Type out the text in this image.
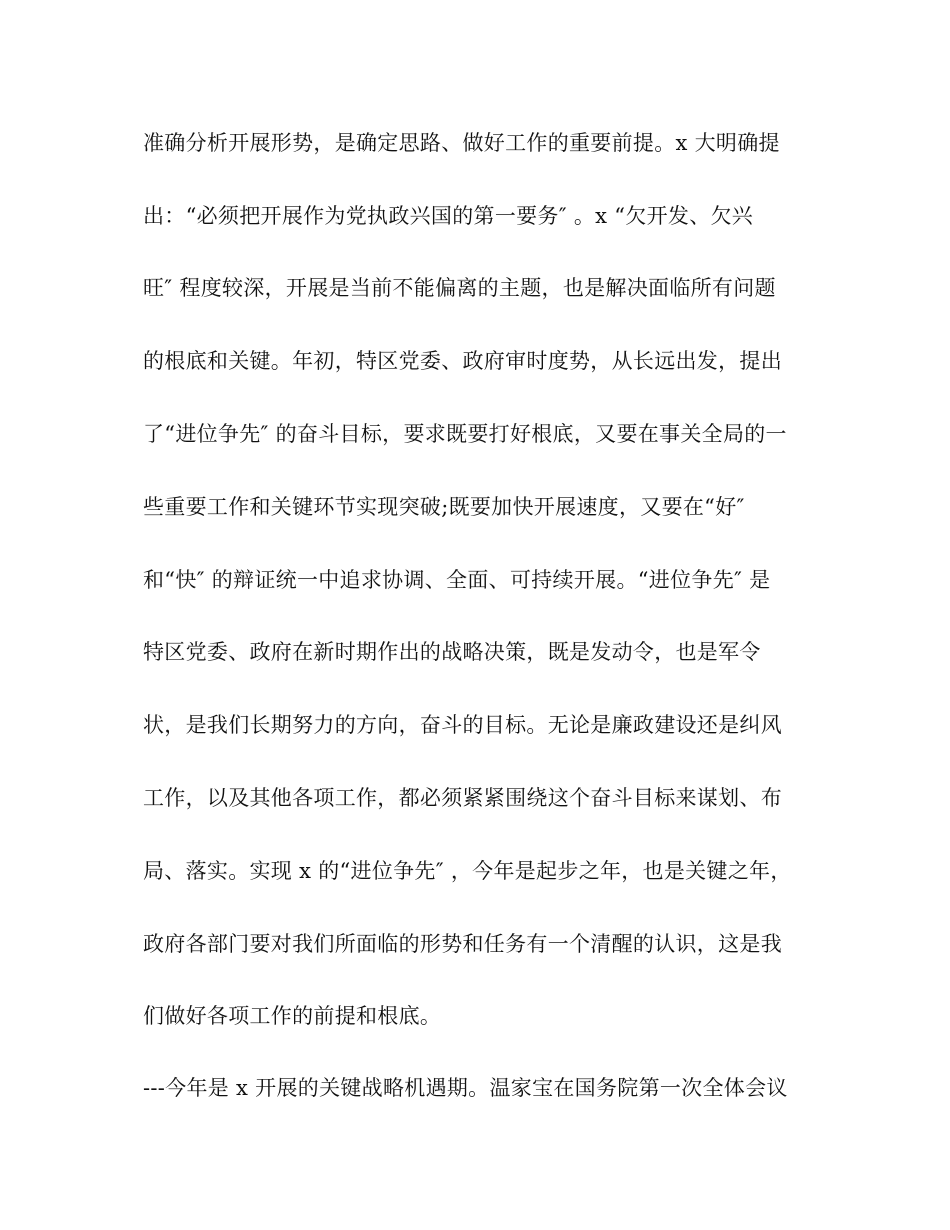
准确分析开展形势，是确定思路、做好工作的重要前提。x 大明确提

出：“必须把开展作为党执政兴国的第一要务″ 。x “欠开发、欠兴

旺″ 程度较深，开展是当前不能偏离的主题，也是解决面临所有问题

的根底和关键。年初，特区党委、政府审时度势，从长远出发，提出

了“进位争先″ 的奋斗目标，要求既要打好根底，又要在事关全局的一

些重要工作和关键环节实现突破;既要加快开展速度，又要在“好″

和“快″ 的辩证统一中追求协调、全面、可持续开展。“进位争先″ 是

特区党委、政府在新时期作出的战略决策，既是发动令，也是军令

状，是我们长期努力的方向，奋斗的目标。无论是廉政建设还是纠风

工作，以及其他各项工作，都必须紧紧围绕这个奋斗目标来谋划、布

局、落实。实现 x 的“进位争先″ ，今年是起步之年，也是关键之年，

政府各部门要对我们所面临的形势和任务有一个清醒的认识，这是我

们做好各项工作的前提和根底。

---今年是 x 开展的关键战略机遇期。温家宝在国务院第一次全体会议
